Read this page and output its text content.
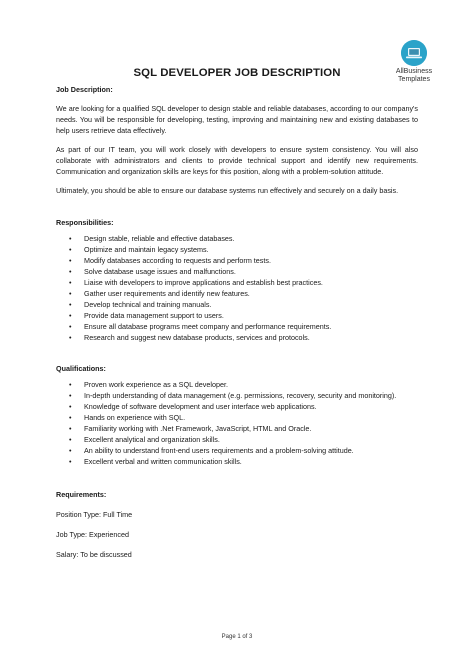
AllBusiness
Templates
SQL DEVELOPER JOB DESCRIPTION

Job Description:

We are looking for a qualified SQL developer to design stable and reliable databases, according to our company's needs. You will be responsible for developing, testing, improving and maintaining new and existing databases to help users retrieve data effectively.

As part of our IT team, you will work closely with developers to ensure system consistency. You will also collaborate with administrators and clients to provide technical support and identify new requirements. Communication and organization skills are keys for this position, along with a problem-solution attitude.

Ultimately, you should be able to ensure our database systems run effectively and securely on a daily basis.

Responsibilities:

• Design stable, reliable and effective databases.
• Optimize and maintain legacy systems.
• Modify databases according to requests and perform tests.
• Solve database usage issues and malfunctions.
• Liaise with developers to improve applications and establish best practices.
• Gather user requirements and identify new features.
• Develop technical and training manuals.
• Provide data management support to users.
• Ensure all database programs meet company and performance requirements.
• Research and suggest new database products, services and protocols.

Qualifications:

• Proven work experience as a SQL developer.
• In-depth understanding of data management (e.g. permissions, recovery, security and monitoring).
• Knowledge of software development and user interface web applications.
• Hands on experience with SQL.
• Familiarity working with .Net Framework, JavaScript, HTML and Oracle.
• Excellent analytical and organization skills.
• An ability to understand front-end users requirements and a problem-solving attitude.
• Excellent verbal and written communication skills.

Requirements:

Position Type: Full Time

Job Type: Experienced

Salary: To be discussed

Page 1 of 3
